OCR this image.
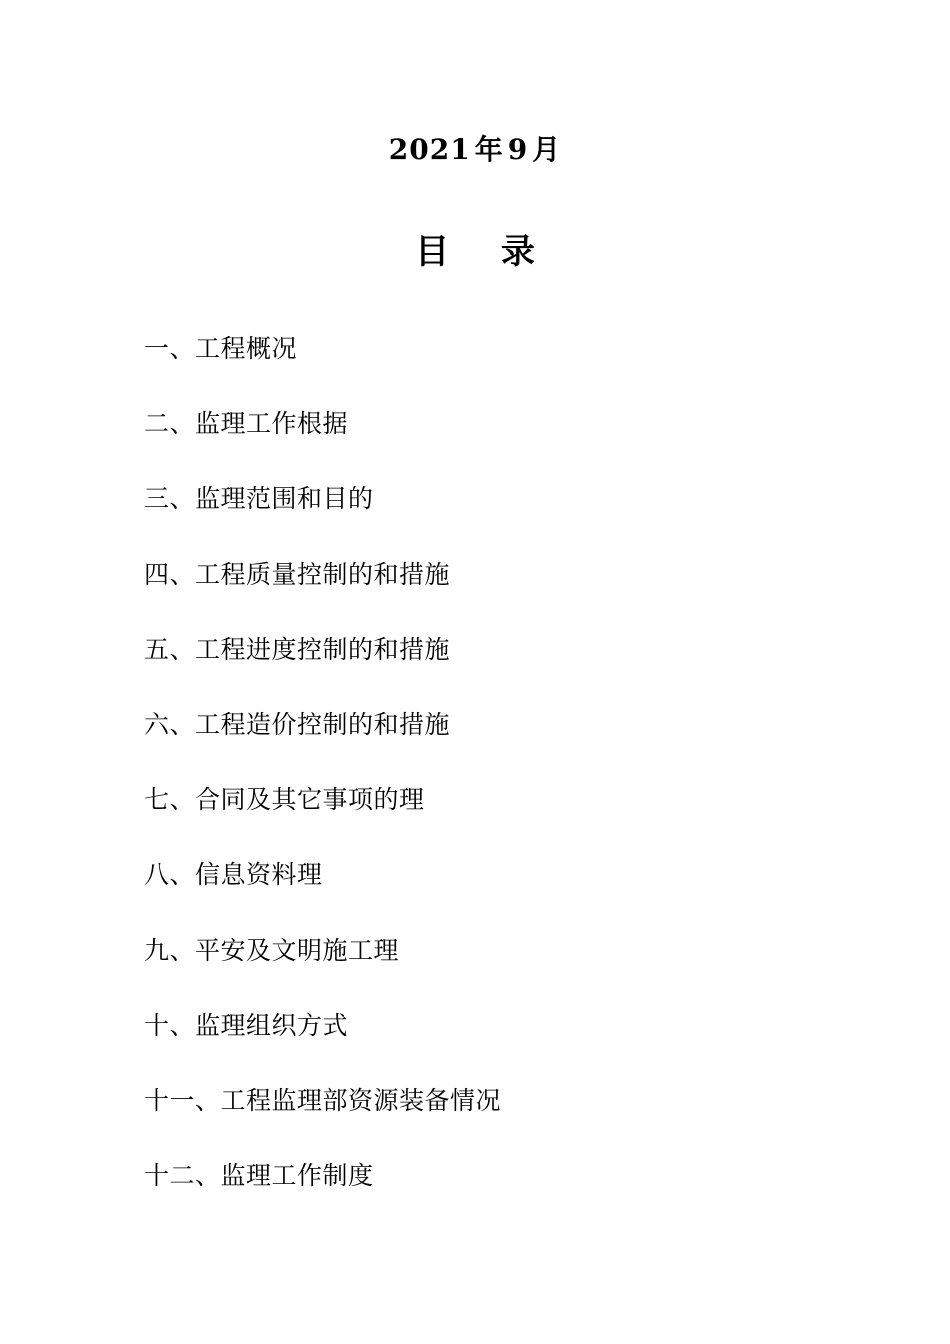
2021 年 9 月
目 录
一、工程概况
二、监理工作根据
三、监理范围和目的
四、工程质量控制的和措施
五、工程进度控制的和措施
六、工程造价控制的和措施
七、合同及其它事项的理
八、信息资料理
九、平安及文明施工理
十、监理组织方式
十一、工程监理部资源装备情况
十二、监理工作制度
